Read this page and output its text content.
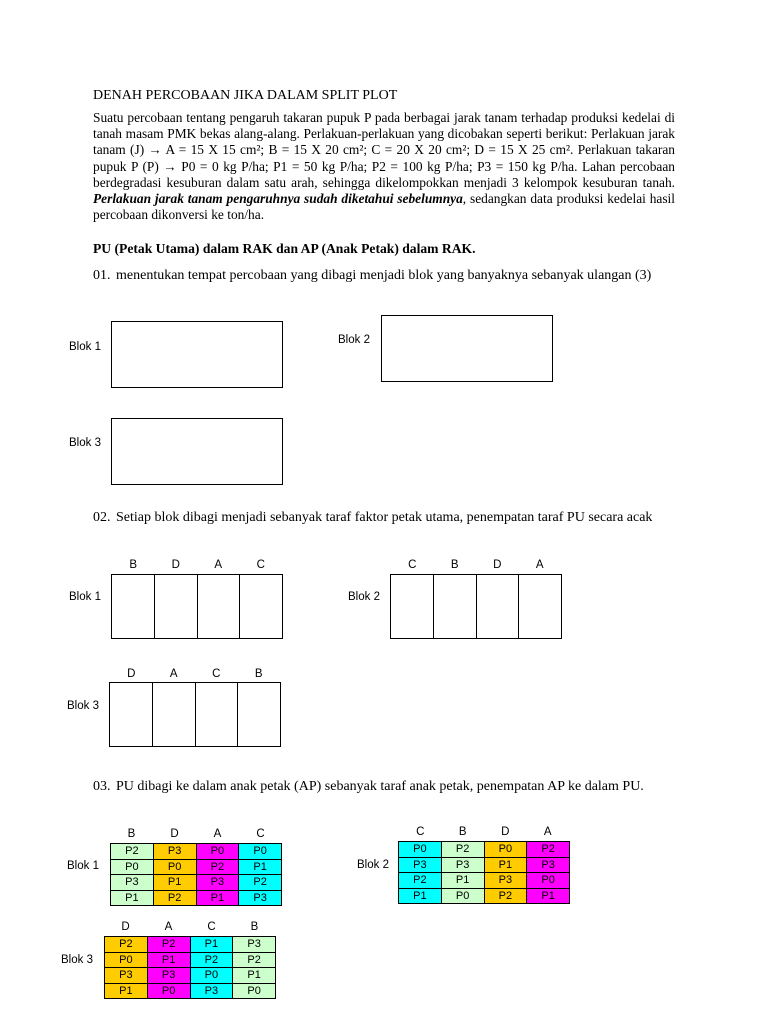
DENAH PERCOBAAN JIKA DALAM SPLIT PLOT

Suatu percobaan tentang pengaruh takaran pupuk P pada berbagai jarak tanam terhadap produksi kedelai di tanah masam PMK bekas alang-alang. Perlakuan-perlakuan yang dicobakan seperti berikut: Perlakuan jarak tanam (J) → A = 15 X 15 cm²; B = 15 X 20 cm²; C = 20 X 20 cm²; D = 15 X 25 cm². Perlakuan takaran pupuk P (P) → P0 = 0 kg P/ha; P1 = 50 kg P/ha; P2 = 100 kg P/ha; P3 = 150 kg P/ha. Lahan percobaan berdegradasi kesuburan dalam satu arah, sehingga dikelompokkan menjadi 3 kelompok kesuburan tanah. Perlakuan jarak tanam pengaruhnya sudah diketahui sebelumnya, sedangkan data produksi kedelai hasil percobaan dikonversi ke ton/ha.

PU (Petak Utama) dalam RAK dan AP (Anak Petak) dalam RAK.
01. menentukan tempat percobaan yang dibagi menjadi blok yang banyaknya sebanyak ulangan (3)
Blok 1
Blok 2
Blok 3
02. Setiap blok dibagi menjadi sebanyak taraf faktor petak utama, penempatan taraf PU secara acak
B	D	A	C
Blok 1
C	B	D	A
Blok 2
D	A	C	B
Blok 3
03. PU dibagi ke dalam anak petak (AP) sebanyak taraf anak petak, penempatan AP ke dalam PU.
B	D	A	C
Blok 1
P2	P3	P0	P0
P0	P0	P2	P1
P3	P1	P3	P2
P1	P2	P1	P3
C	B	D	A
Blok 2
P0	P2	P0	P2
P3	P3	P1	P3
P2	P1	P3	P0
P1	P0	P2	P1
D	A	C	B
Blok 3
P2	P2	P1	P3
P0	P1	P2	P2
P3	P3	P0	P1
P1	P0	P3	P0
